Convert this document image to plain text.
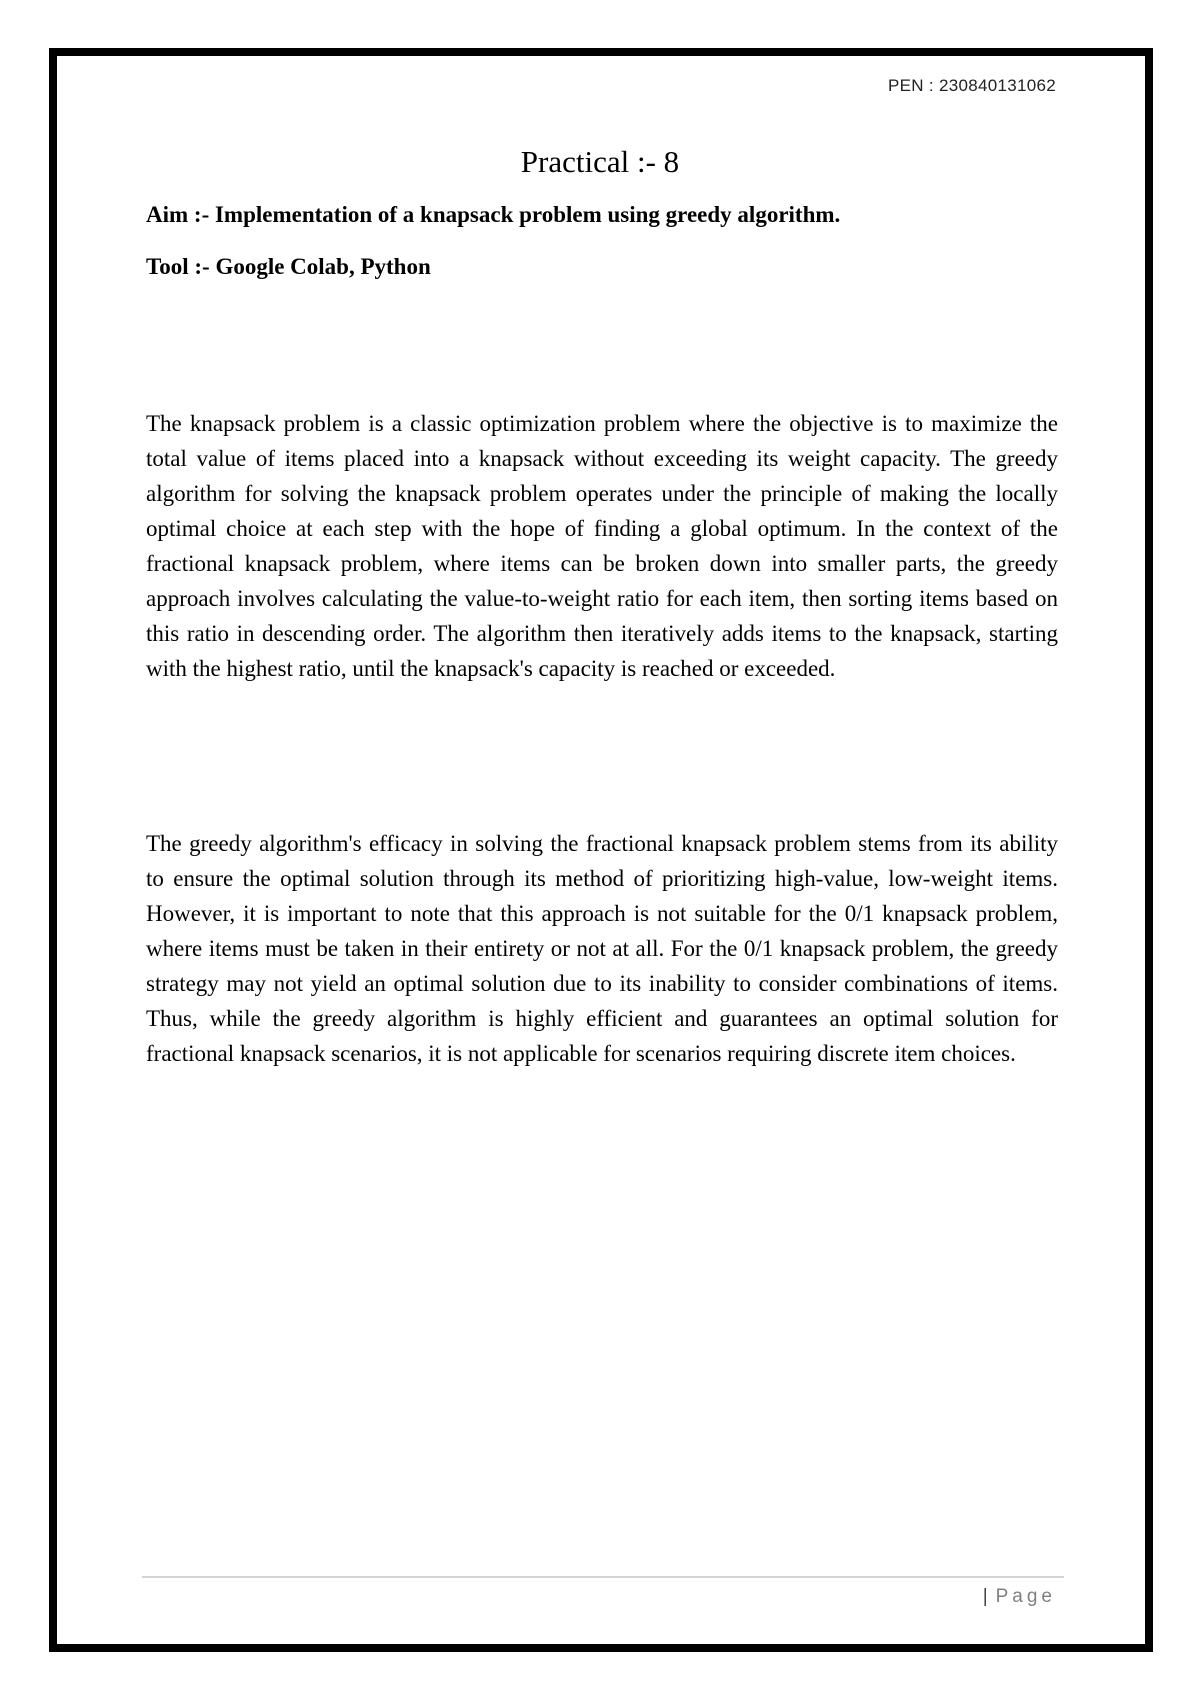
PEN : 230840131062
Practical :- 8

Aim :- Implementation of a knapsack problem using greedy algorithm.

Tool :- Google Colab, Python

The knapsack problem is a classic optimization problem where the objective is to maximize the total value of items placed into a knapsack without exceeding its weight capacity. The greedy algorithm for solving the knapsack problem operates under the principle of making the locally optimal choice at each step with the hope of finding a global optimum. In the context of the fractional knapsack problem, where items can be broken down into smaller parts, the greedy approach involves calculating the value-to-weight ratio for each item, then sorting items based on this ratio in descending order. The algorithm then iteratively adds items to the knapsack, starting with the highest ratio, until the knapsack's capacity is reached or exceeded.

The greedy algorithm's efficacy in solving the fractional knapsack problem stems from its ability to ensure the optimal solution through its method of prioritizing high-value, low-weight items. However, it is important to note that this approach is not suitable for the 0/1 knapsack problem, where items must be taken in their entirety or not at all. For the 0/1 knapsack problem, the greedy strategy may not yield an optimal solution due to its inability to consider combinations of items. Thus, while the greedy algorithm is highly efficient and guarantees an optimal solution for fractional knapsack scenarios, it is not applicable for scenarios requiring discrete item choices.

| Page
